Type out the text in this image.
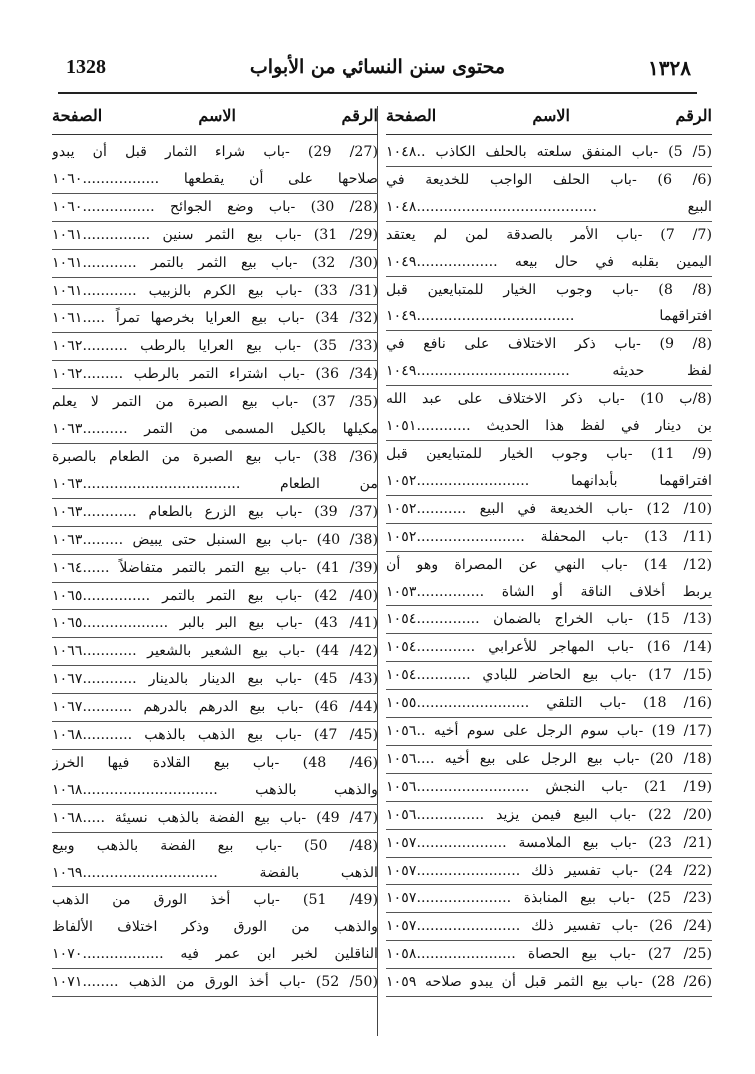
1328	محتوى سنن النسائي من الأبواب	١٣٢٨
الرقم
الاسم
الصفحة
(5/ 5) -باب المنفق سلعته بالحلف الكاذب ..١٠٤٨
(6/ 6) -باب الحلف الواجب للخديعة في
البيع ........................................١٠٤٨
(7/ 7) -باب الأمر بالصدقة لمن لم يعتقد
اليمين بقلبه في حال بيعه ..................١٠٤٩
(8/ 8) -باب وجوب الخيار للمتبايعين قبل
افتراقهما ...................................١٠٤٩
(8/ 9) -باب ذكر الاختلاف على نافع في
لفظ حديثه ..................................١٠٤٩
(8/ب 10) -باب ذكر الاختلاف على عبد الله
بن دينار في لفظ هذا الحديث ............١٠٥١
(9/ 11) -باب وجوب الخيار للمتبايعين قبل
افتراقهما بأبدانهما .........................١٠٥٢
(10/ 12) -باب الخديعة في البيع ...........١٠٥٢
(11/ 13) -باب المحفلة ........................١٠٥٢
(12/ 14) -باب النهي عن المصراة وهو أن
يربط أخلاف الناقة أو الشاة ...............١٠٥٣
(13/ 15) -باب الخراج بالضمان ..............١٠٥٤
(14/ 16) -باب المهاجر للأعرابي .............١٠٥٤
(15/ 17) -باب بيع الحاضر للبادي ............١٠٥٤
(16/ 18) -باب التلقي .........................١٠٥٥
(17/ 19) -باب سوم الرجل على سوم أخيه ..١٠٥٦
(18/ 20) -باب بيع الرجل على بيع أخيه ....١٠٥٦
(19/ 21) -باب النجش .........................١٠٥٦
(20/ 22) -باب البيع فيمن يزيد ...............١٠٥٦
(21/ 23) -باب بيع الملامسة ....................١٠٥٧
(22/ 24) -باب تفسير ذلك .......................١٠٥٧
(23/ 25) -باب بيع المنابذة .....................١٠٥٧
(24/ 26) -باب تفسير ذلك .......................١٠٥٧
(25/ 27) -باب بيع الحصاة ......................١٠٥٨
(26/ 28) -باب بيع الثمر قبل أن يبدو صلاحه ١٠٥٩
الرقم
الاسم
الصفحة
(27/ 29) -باب شراء الثمار قبل أن يبدو
صلاحها على أن يقطعها .................١٠٦٠
(28/ 30) -باب وضع الجوائح ................١٠٦٠
(29/ 31) -باب بيع الثمر سنين ...............١٠٦١
(30/ 32) -باب بيع الثمر بالتمر ............١٠٦١
(31/ 33) -باب بيع الكرم بالزبيب ............١٠٦١
(32/ 34) -باب بيع العرايا بخرصها تمراً .....١٠٦١
(33/ 35) -باب بيع العرايا بالرطب ..........١٠٦٢
(34/ 36) -باب اشتراء التمر بالرطب .........١٠٦٢
(35/ 37) -باب بيع الصبرة من التمر لا يعلم
مكيلها بالكيل المسمى من التمر ..........١٠٦٣
(36/ 38) -باب بيع الصبرة من الطعام بالصبرة
من الطعام ...................................١٠٦٣
(37/ 39) -باب بيع الزرع بالطعام ............١٠٦٣
(38/ 40) -باب بيع السنبل حتى يبيض .........١٠٦٣
(39/ 41) -باب بيع التمر بالتمر متفاضلاً ......١٠٦٤
(40/ 42) -باب بيع التمر بالتمر ...............١٠٦٥
(41/ 43) -باب بيع البر بالبر ...................١٠٦٥
(42/ 44) -باب بيع الشعير بالشعير ............١٠٦٦
(43/ 45) -باب بيع الدينار بالدينار ............١٠٦٧
(44/ 46) -باب بيع الدرهم بالدرهم ...........١٠٦٧
(45/ 47) -باب بيع الذهب بالذهب ...........١٠٦٨
(46/ 48) -باب بيع القلادة فيها الخرز
والذهب بالذهب ..............................١٠٦٨
(47/ 49) -باب بيع الفضة بالذهب نسيئة .....١٠٦٨
(48/ 50) -باب بيع الفضة بالذهب وبيع
الذهب بالفضة ..............................١٠٦٩
(49/ 51) -باب أخذ الورق من الذهب
والذهب من الورق وذكر اختلاف الألفاظ
الناقلين لخبر ابن عمر فيه ..................١٠٧٠
(50/ 52) -باب أخذ الورق من الذهب ........١٠٧١
